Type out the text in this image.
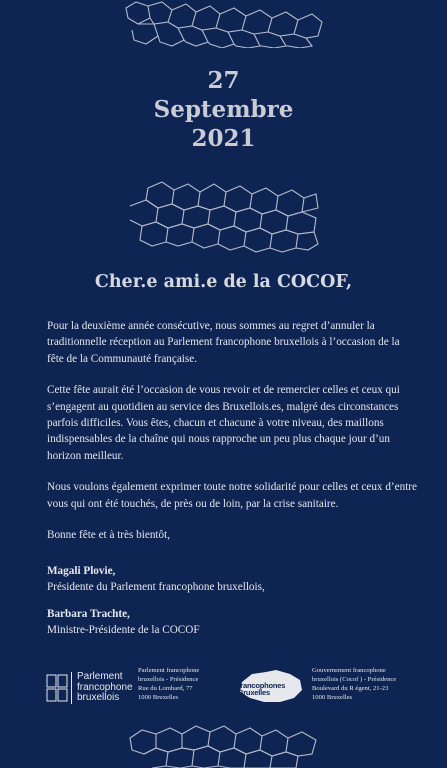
27
Septembre
2021
Cher.e ami.e de la COCOF,

Pour la deuxième année consécutive, nous sommes au regret d’annuler la traditionnelle réception au Parlement francophone bruxellois à l’occasion de la fête de la Communauté française.

Cette fête aurait été l’occasion de vous revoir et de remercier celles et ceux qui s’engagent au quotidien au service des Bruxellois.es, malgré des circonstances parfois difficiles. Vous êtes, chacun et chacune à votre niveau, des maillons indispensables de la chaîne qui nous rapproche un peu plus chaque jour d’un horizon meilleur.

Nous voulons également exprimer toute notre solidarité pour celles et ceux d’entre vous qui ont été touchés, de près ou de loin, par la crise sanitaire.

Bonne fête et à très bientôt,

Magali Plovie,
Présidente du Parlement francophone bruxellois,
Barbara Trachte,
Ministre-Présidente de la COCOF
Parlement
francophone
bruxellois
Parlement francophone
bruxellois - Présidence
Rue du Lombard, 77
1000 Bruxelles
francophones
Bruxelles
Gouvernement francophone
bruxellois (Cocof ) - Présidence
Boulevard du R égent, 21-23
1000 Bruxelles
